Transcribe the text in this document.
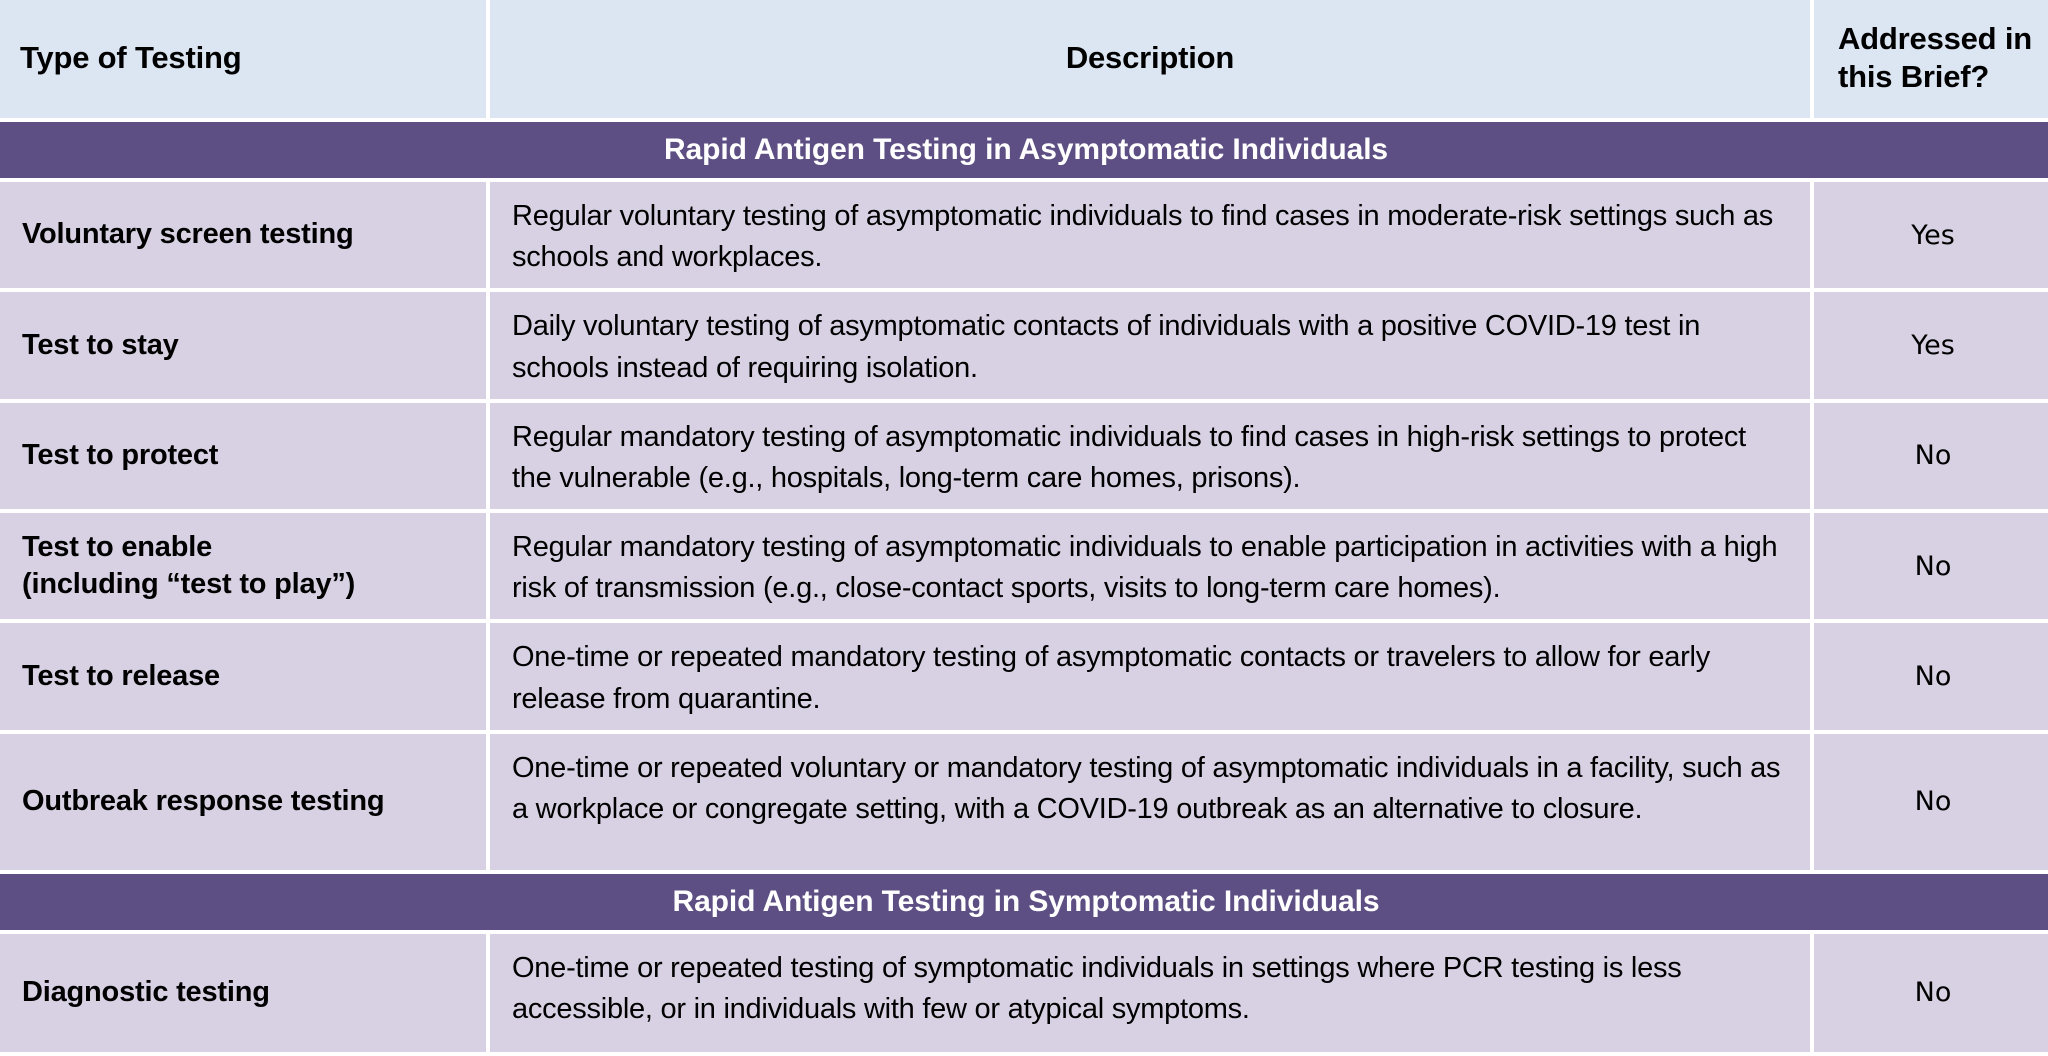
Type of Testing	Description	Addressed in this Brief?
Rapid Antigen Testing in Asymptomatic Individuals		
Voluntary screen testing	Regular voluntary testing of asymptomatic individuals to find cases in moderate-risk settings such as schools and workplaces.	Yes
Test to stay	Daily voluntary testing of asymptomatic contacts of individuals with a positive COVID-19 test in schools instead of requiring isolation.	Yes
Test to protect	Regular mandatory testing of asymptomatic individuals to find cases in high-risk settings to protect the vulnerable (e.g., hospitals, long-term care homes, prisons).	No
Test to enable
(including “test to play”)	Regular mandatory testing of asymptomatic individuals to enable participation in activities with a high risk of transmission (e.g., close-contact sports, visits to long-term care homes).	No
Test to release	One-time or repeated mandatory testing of asymptomatic contacts or travelers to allow for early release from quarantine.	No
Outbreak response testing	One-time or repeated voluntary or mandatory testing of asymptomatic individuals in a facility, such as a workplace or congregate setting, with a COVID-19 outbreak as an alternative to closure.	No
Rapid Antigen Testing in Symptomatic Individuals		
Diagnostic testing	One-time or repeated testing of symptomatic individuals in settings where PCR testing is less accessible, or in individuals with few or atypical symptoms.	No
